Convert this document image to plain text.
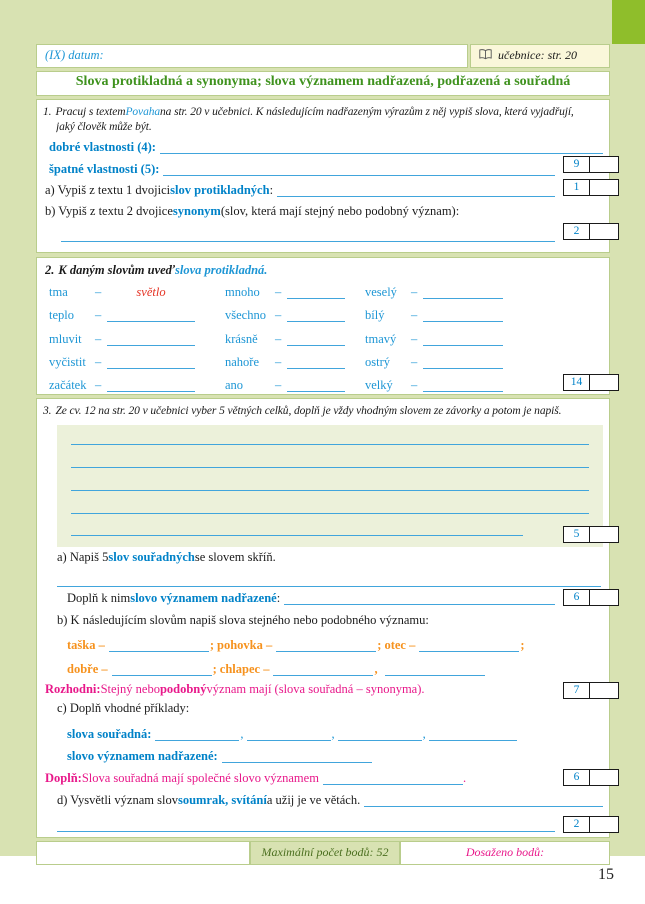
(IX) datum:	učebnice: str. 20
Slova protikladná a synonyma; slova významem nadřazená, podřazená a souřadná
1. Pracuj s textem Povaha na str. 20 v učebnici. K následujícím nadřazeným výrazům z něj vypiš slova, která vyjadřují,
jaký člověk může být.
dobré vlastnosti (4):
špatné vlastnosti (5):	9
a) Vypiš z textu 1 dvojici slov protikladných :	1
b) Vypiš z textu 2 dvojice synonym (slov, která mají stejný nebo podobný význam):
2
2. K daným slovům uveď slova protikladná.
tma	–	světlo	mnoho	–	veselý	–
teplo	–	všechno –	bílý	–
mluvit	–	krásně	–	tmavý	–
vyčistit –	nahoře	–	ostrý	–
začátek –	ano	–	velký	–	14
3. Ze cv. 12 na str. 20 v učebnici vyber 5 větných celků, doplň je vždy vhodným slovem ze závorky a potom je napiš.
5
a) Napiš 5 slov souřadných se slovem skříň.
Doplň k nim slovo významem nadřazené :	6
b) K následujícím slovům napiš slova stejného nebo podobného významu:
taška –	; pohovka –	; otec –	;
dobře –	; chlapec –	,
Rozhodni: Stejný nebo podobný význam mají (slova souřadná – synonyma).	7
c) Doplň vhodné příklady:
slova souřadná:	,	,	,
slovo významem nadřazené:
Doplň: Slova souřadná mají společné slovo významem	.	6
d) Vysvětli význam slov soumrak, svítání a užij je ve větách.
2
Maximální počet bodů: 52	Dosaženo bodů:
15
